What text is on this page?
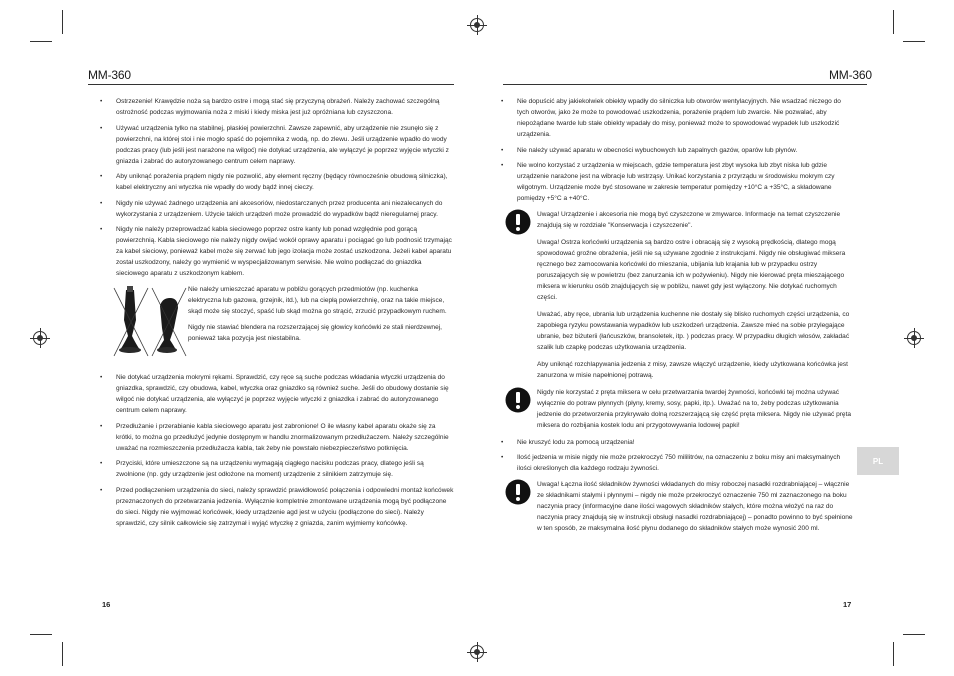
MM-360
• Ostrzezenie! Krawędzie noża są bardzo ostre i mogą stać się przyczyną obrażeń. Należy zachować szczególną ostrożność podczas wyjmowania noża z miski i kiedy miska jest już opróżniana lub czyszczona.
• Używać urządzenia tylko na stabilnej, płaskiej powierzchni. Zawsze zapewnić, aby urządzenie nie zsunęło się z powierzchni, na której stoi i nie mogło spaść do pojemnika z wodą, np. do zlewu. Jeśli urządzenie wpadło do wody podczas pracy (lub jeśli jest narażone na wilgoć) nie dotykać urządzenia, ale wyłączyć je poprzez wyjęcie wtyczki z gniazda i zabrać do autoryzowanego centrum celem naprawy.
• Aby uniknąć porażenia prądem nigdy nie pozwolić, aby element ręczny (będący równocześnie obudową silniczka), kabel elektryczny ani wtyczka nie wpadły do wody bądź innej cieczy.
• Nigdy nie używać żadnego urządzenia ani akcesoriów, niedostarczanych przez producenta ani niezalecanych do wykorzystania z urządzeniem. Użycie takich urządzeń może prowadzić do wypadków bądź nieregularnej pracy.
• Nigdy nie należy przeprowadzać kabla sieciowego poprzez ostre kanty lub ponad względnie pod gorącą powierzchnią. Kabla sieciowego nie należy nigdy owijać wokół oprawy aparatu i pociągać go lub podnosić trzymając za kabel sieciowy, ponieważ kabel może się zerwać lub jego izolacja może zostać uszkodzona. Jeżeli kabel aparatu został uszkodzony, należy go wymienić w wyspecjalizowanym serwisie. Nie wolno podłączać do gniazdka sieciowego aparatu z uszkodzonym kablem.

Nie należy umieszczać aparatu w pobliżu gorących przedmiotów (np. kuchenka elektryczna lub gazowa, grzejnik, itd.), lub na ciepłą powierzchnię, oraz na takie miejsce, skąd może się stoczyć, spaść lub skąd można go strącić, zrzucić przypadkowym ruchem.

Nigdy nie stawiać blendera na rozszerzającej się głowicy końcówki ze stali nierdzewnej, ponieważ taka pozycja jest niestabilna.

• Nie dotykać urządzenia mokrymi rękami. Sprawdzić, czy ręce są suche podczas wkładania wtyczki urządzenia do gniazdka, sprawdzić, czy obudowa, kabel, wtyczka oraz gniazdko są również suche. Jeśli do obudowy dostanie się wilgoć nie dotykać urządzenia, ale wyłączyć je poprzez wyjęcie wtyczki z gniazdka i zabrać do autoryzowanego centrum celem naprawy.
• Przedłużanie i przerabianie kabla sieciowego aparatu jest zabronione! O ile własny kabel aparatu okaże się za krótki, to można go przedłużyć jedynie dostępnym w handlu znormalizowanym przedłużaczem. Należy szczególnie uważać na rozmieszczenia przedłużacza kabla, tak żeby nie powstało niebezpieczeństwo potknięcia.
• Przyciski, które umieszczone są na urządzeniu wymagają ciągłego nacisku podczas pracy, dlatego jeśli są zwolnione (np. gdy urządzenie jest odłożone na moment) urządzenie z silnikiem zatrzymuje się.
• Przed podłączeniem urządzenia do sieci, należy sprawdzić prawidłowość połączenia i odpowiedni montaż końcówek przeznaczonych do przetwarzania jedzenia. Wyłącznie kompletnie zmontowane urządzenia mogą być podłączone do sieci. Nigdy nie wyjmować końcówek, kiedy urządzenie agd jest w użyciu (podłączone do sieci). Należy sprawdzić, czy silnik całkowicie się zatrzymał i wyjąć wtyczkę z gniazda, zanim wyjmiemy końcówkę.
16
MM-360
• Nie dopuścić aby jakiekolwiek obiekty wpadły do silniczka lub otworów wentylacyjnych. Nie wsadzać niczego do tych otworów, jako że może to powodować uszkodzenia, porażenie prądem lub zwarcie. Nie pozwalać, aby niepożądane twarde lub stałe obiekty wpadały do misy, ponieważ może to spowodować wypadek lub uszkodzić urządzenia.
• Nie należy używać aparatu w obecności wybuchowych lub zapalnych gazów, oparów lub płynów.
• Nie wolno korzystać z urządzenia w miejscach, gdzie temperatura jest zbyt wysoka lub zbyt niska lub gdzie urządzenie narażone jest na wibracje lub wstrząsy. Unikać korzystania z przyrządu w środowisku mokrym czy wilgotnym. Urządzenie może być stosowane w zakresie temperatur pomiędzy +10°C a +35°C, a składowane pomiędzy +5°C a +40°C.

Uwaga! Urządzenie i akcesoria nie mogą być czyszczone w zmywarce. Informacje na temat czyszczenie znajdują się w rozdziale "Konserwacja i czyszczenie".

Uwaga! Ostrza końcówki urządzenia są bardzo ostre i obracają się z wysoką prędkością, dlatego mogą spowodować groźne obrażenia, jeśli nie są używane zgodnie z instrukcjami. Nigdy nie obsługiwać miksera ręcznego bez zamocowania końcówki do mieszania, ubijania lub krajania lub w przypadku ostrzy poruszających się w powietrzu (bez zanurzania ich w pożywieniu). Nigdy nie kierować pręta mieszającego miksera w kierunku osób znajdujących się w pobliżu, nawet gdy jest wyłączony. Nie dotykać ruchomych części.

Uważać, aby ręce, ubrania lub urządzenia kuchenne nie dostały się blisko ruchomych części urządzenia, co zapobiega ryzyku powstawania wypadków lub uszkodzeń urządzenia. Zawsze mieć na sobie przylegające ubranie, bez biżuterii (łańcuszków, bransoletek, itp. ) podczas pracy. W przypadku długich włosów, zakładać szalik lub czapkę podczas użytkowania urządzenia.

Aby uniknąć rozchlapywania jedzenia z misy, zawsze włączyć urządzenie, kiedy użytkowana końcówka jest zanurzona w misie napełnionej potrawą.

Nigdy nie korzystać z pręta miksera w celu przetwarzania twardej żywności, końcówki tej można używać wyłącznie do potraw płynnych (płyny, kremy, sosy, papki, itp.). Uważać na to, żeby podczas użytkowania jedzenie do przetworzenia przykrywało dolną rozszerzającą się część pręta miksera. Nigdy nie używać pręta miksera do rozbijania kostek lodu ani przygotowywania lodowej papki!

• Nie kruszyć lodu za pomocą urządzenia!
• Ilość jedzenia w misie nigdy nie może przekroczyć 750 mililitrów, na oznaczeniu z boku misy ani maksymalnych ilości określonych dla każdego rodzaju żywności.

Uwaga! Łączna ilość składników żywności wkładanych do misy roboczej nasadki rozdrabniającej – włącznie ze składnikami stałymi i płynnymi – nigdy nie może przekroczyć oznaczenie 750 ml zaznaczonego na boku naczynia pracy (informacyjne dane ilości wagowych składników stałych, które można włożyć na raz do naczynia pracy znajdują się w instrukcji obsługi nasadki rozdrabniającej) – ponadto powinno to być spełnione w ten sposób, ze maksymalna ilość płynu dodanego do składników stałych może wynosić 200 ml.

PL
17
